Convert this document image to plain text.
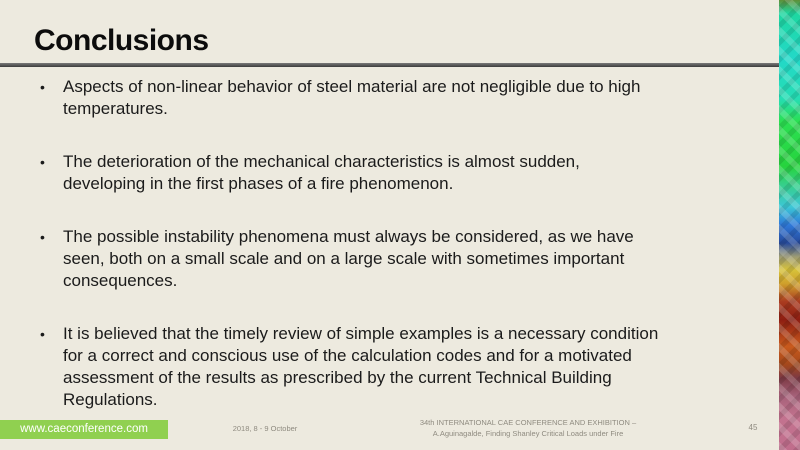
Conclusions
•	Aspects of non-linear behavior of steel material are not negligible due to high
temperatures.
•	The deterioration of the mechanical characteristics is almost sudden,
developing in the first phases of a fire phenomenon.
•	The possible instability phenomena must always be considered, as we have
seen, both on a small scale and on a large scale with sometimes important
consequences.
•	It is believed that the timely review of simple examples is a necessary condition
for a correct and conscious use of the calculation codes and for a motivated
assessment of the results as prescribed by the current Technical Building
Regulations.
www.caeconference.com	2018, 8 - 9 October
34th INTERNATIONAL CAE CONFERENCE AND EXHIBITION –
A.Aguinagalde, Finding Shanley Critical Loads under Fire
45
